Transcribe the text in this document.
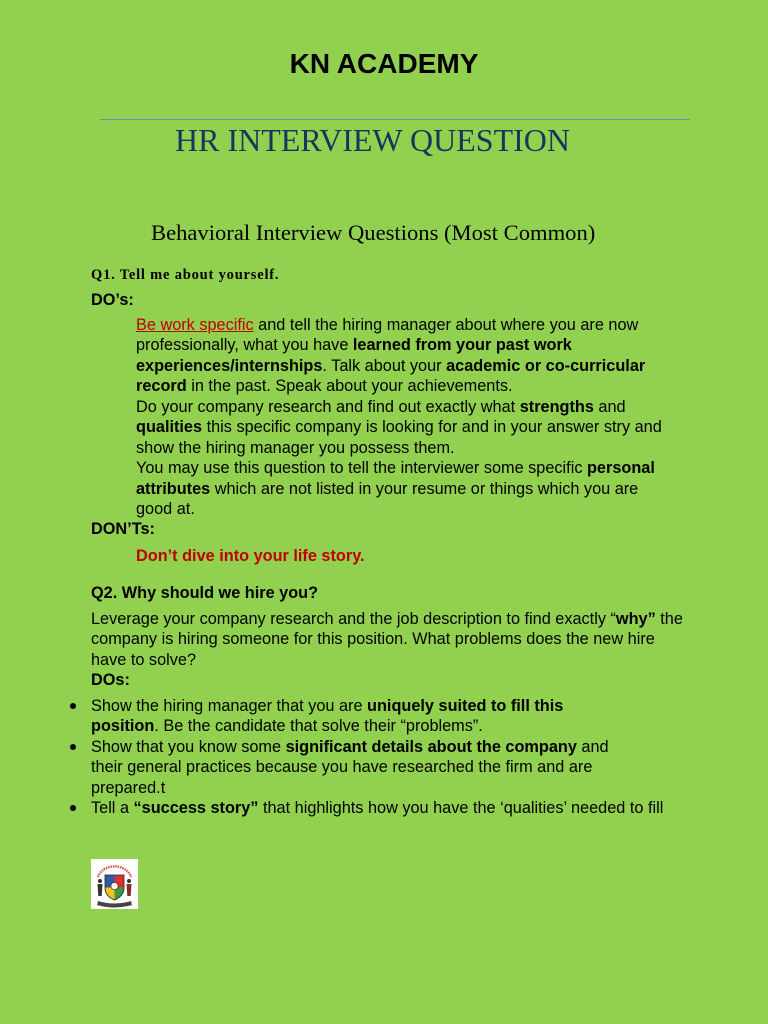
KN ACADEMY
HR INTERVIEW QUESTION
Behavioral Interview Questions (Most Common)
Q1. Tell me about yourself.
DO’s:
Be work specific and tell the hiring manager about where you are now
professionally, what you have learned from your past work
experiences/internships. Talk about your academic or co-curricular
record in the past. Speak about your achievements.
Do your company research and find out exactly what strengths and
qualities this specific company is looking for and in your answer stry and
show the hiring manager you possess them.
You may use this question to tell the interviewer some specific personal
attributes which are not listed in your resume or things which you are
good at.
DON’Ts:
Don’t dive into your life story.
Q2. Why should we hire you?
Leverage your company research and the job description to find exactly “why” the
company is hiring someone for this position. What problems does the new hire
have to solve?
DOs:
Show the hiring manager that you are uniquely suited to fill this
position. Be the candidate that solve their “problems”.
Show that you know some significant details about the company and
their general practices because you have researched the firm and are
prepared.t
Tell a “success story” that highlights how you have the ‘qualities’ needed to fill
